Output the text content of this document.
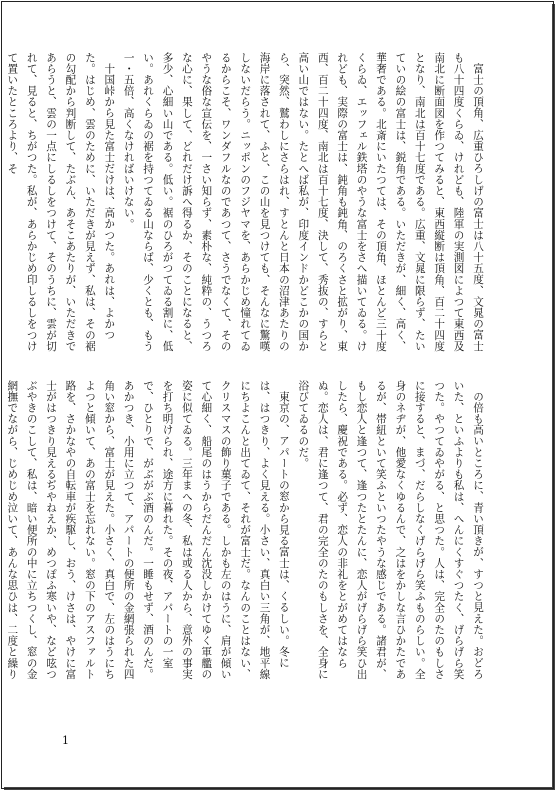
富士の頂角、広重ひろしげの富士は八十五度、文晁の富士も八十四度くらゐ、けれども、陸軍の実測図によつて東西及南北に断面図を作つてみると、東西縦断は頂角、百二十四度となり、南北は百十七度である。広重、文晁に限らず、たいていの絵の富士は、鋭角である。いただきが、細く、高く、華奢である。北斎にいたつては、その頂角、ほとんど三十度くらゐ、エッフェル鉄塔のやうな富士をさへ描いてゐる。けれども、実際の富士は、鈍角も鈍角、のろくさと拡がり、東西、百二十四度、南北は百十七度、決して、秀抜の、すらと高い山ではない。たとへば私が、印度インドかどこかの国から、突然、鷲わしにさらはれ、すとんと日本の沼津あたりの海岸に落されて、ふと、この山を見つけても、そんなに驚嘆しないだらう。ニッポンのフジヤマを、あらかじめ憧れてゐるからこそ、ワンダフルなのであつて、さうでなくて、そのやうな俗な宣伝を、一さい知らず、素朴な、純粋の、うつろな心に、果して、どれだけ訴へ得るか、そのことになると、多少、心細い山である。低い。裾のひろがつてゐる割に、低い。あれくらゐの裾を持つてゐる山ならば、少くとも、もう一・五倍、高くなければいけない。

十国峠から見た富士だけは、高かつた。あれは、よかつた。はじめ、雲のために、いただきが見えず、私は、その裾の勾配から判断して、たぶん、あそこあたりが、いただきであらうと、雲の一点にしるしをつけて、そのうちに、雲が切れて、見ると、ちがつた。私が、あらかじめ印しるしをつけて置いたところより、そ

の倍も高いところに、青い頂きが、すつと見えた。おどろいた、といふよりも私は、へんにくすぐつたく、げらげら笑つた。やつてゐやがる、と思つた。人は、完全のたのもしさに接すると、まづ、だらしなくげらげら笑ふものらしい。全身のネヂが、他愛なくゆるんで、之はをかしな言ひかたであるが、帯紐といて笑ふといつたやうな感じである。諸君が、もし恋人と逢つて、逢つたとたんに、恋人がげらげら笑ひ出したら、慶祝である。必ず、恋人の非礼をとがめてはならぬ。恋人は、君に逢つて、君の完全のたのもしさを、全身に浴びてゐるのだ。

東京の、アパートの窓から見る富士は、くるしい。冬には、はつきり、よく見える。小さい、真白い三角が、地平線にちよこんと出てゐて、それが富士だ。なんのことはない、クリスマスの飾り菓子である。しかも左のはうに、肩が傾いて心細く、船尾のはうからだんだん沈没しかけてゆく軍艦の姿に似てゐる。三年まへの冬、私は或る人から、意外の事実を打ち明けられ、途方に暮れた。その夜、アパートの一室で、ひとりで、がぶがぶ酒のんだ。一睡もせず、酒のんだ。あかつき、小用に立つて、アパートの便所の金網張られた四角い窓から、富士が見えた。小さく、真白で、左のはうにちよつと傾いて、あの富士を忘れない。窓の下のアスファルト路を、さかなやの自転車が疾駆し、おう、けさは、やけに富士がはつきり見えるぢやねえか、めつぽふ寒いや、など呟つぶやきのこして、私は、暗い便所の中に立ちつくし、窓の金網撫でながら、じめじめ泣いて、あんな思ひは、二度と繰り

1
